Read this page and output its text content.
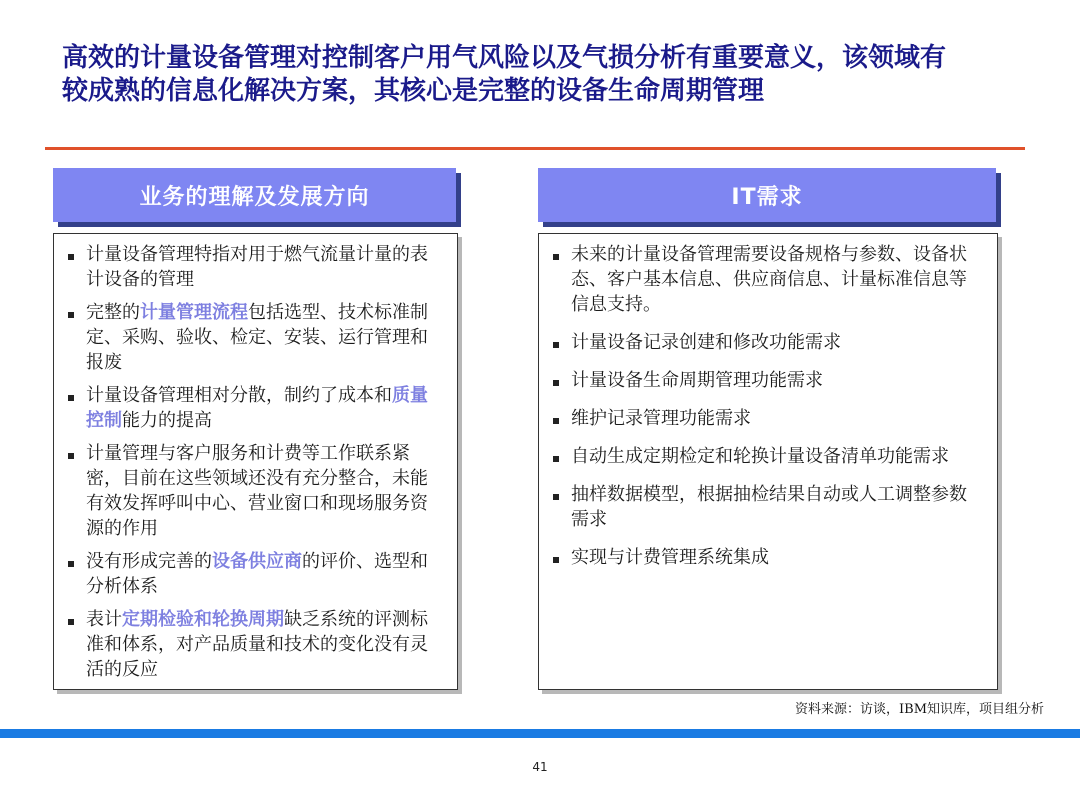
高效的计量设备管理对控制客户用气风险以及气损分析有重要意义，该领域有较成熟的信息化解决方案，其核心是完整的设备生命周期管理
业务的理解及发展方向	IT需求
计量设备管理特指对用于燃气流量计量的表计设备的管理
完整的计量管理流程包括选型、技术标准制定、采购、验收、检定、安装、运行管理和报废
计量设备管理相对分散，制约了成本和质量控制能力的提高
计量管理与客户服务和计费等工作联系紧密，目前在这些领域还没有充分整合，未能有效发挥呼叫中心、营业窗口和现场服务资源的作用
没有形成完善的设备供应商的评价、选型和分析体系
表计定期检验和轮换周期缺乏系统的评测标准和体系，对产品质量和技术的变化没有灵活的反应
未来的计量设备管理需要设备规格与参数、设备状态、客户基本信息、供应商信息、计量标准信息等信息支持。
计量设备记录创建和修改功能需求
计量设备生命周期管理功能需求
维护记录管理功能需求
自动生成定期检定和轮换计量设备清单功能需求
抽样数据模型，根据抽检结果自动或人工调整参数需求
实现与计费管理系统集成
资料来源：访谈，IBM知识库，项目组分析
41
